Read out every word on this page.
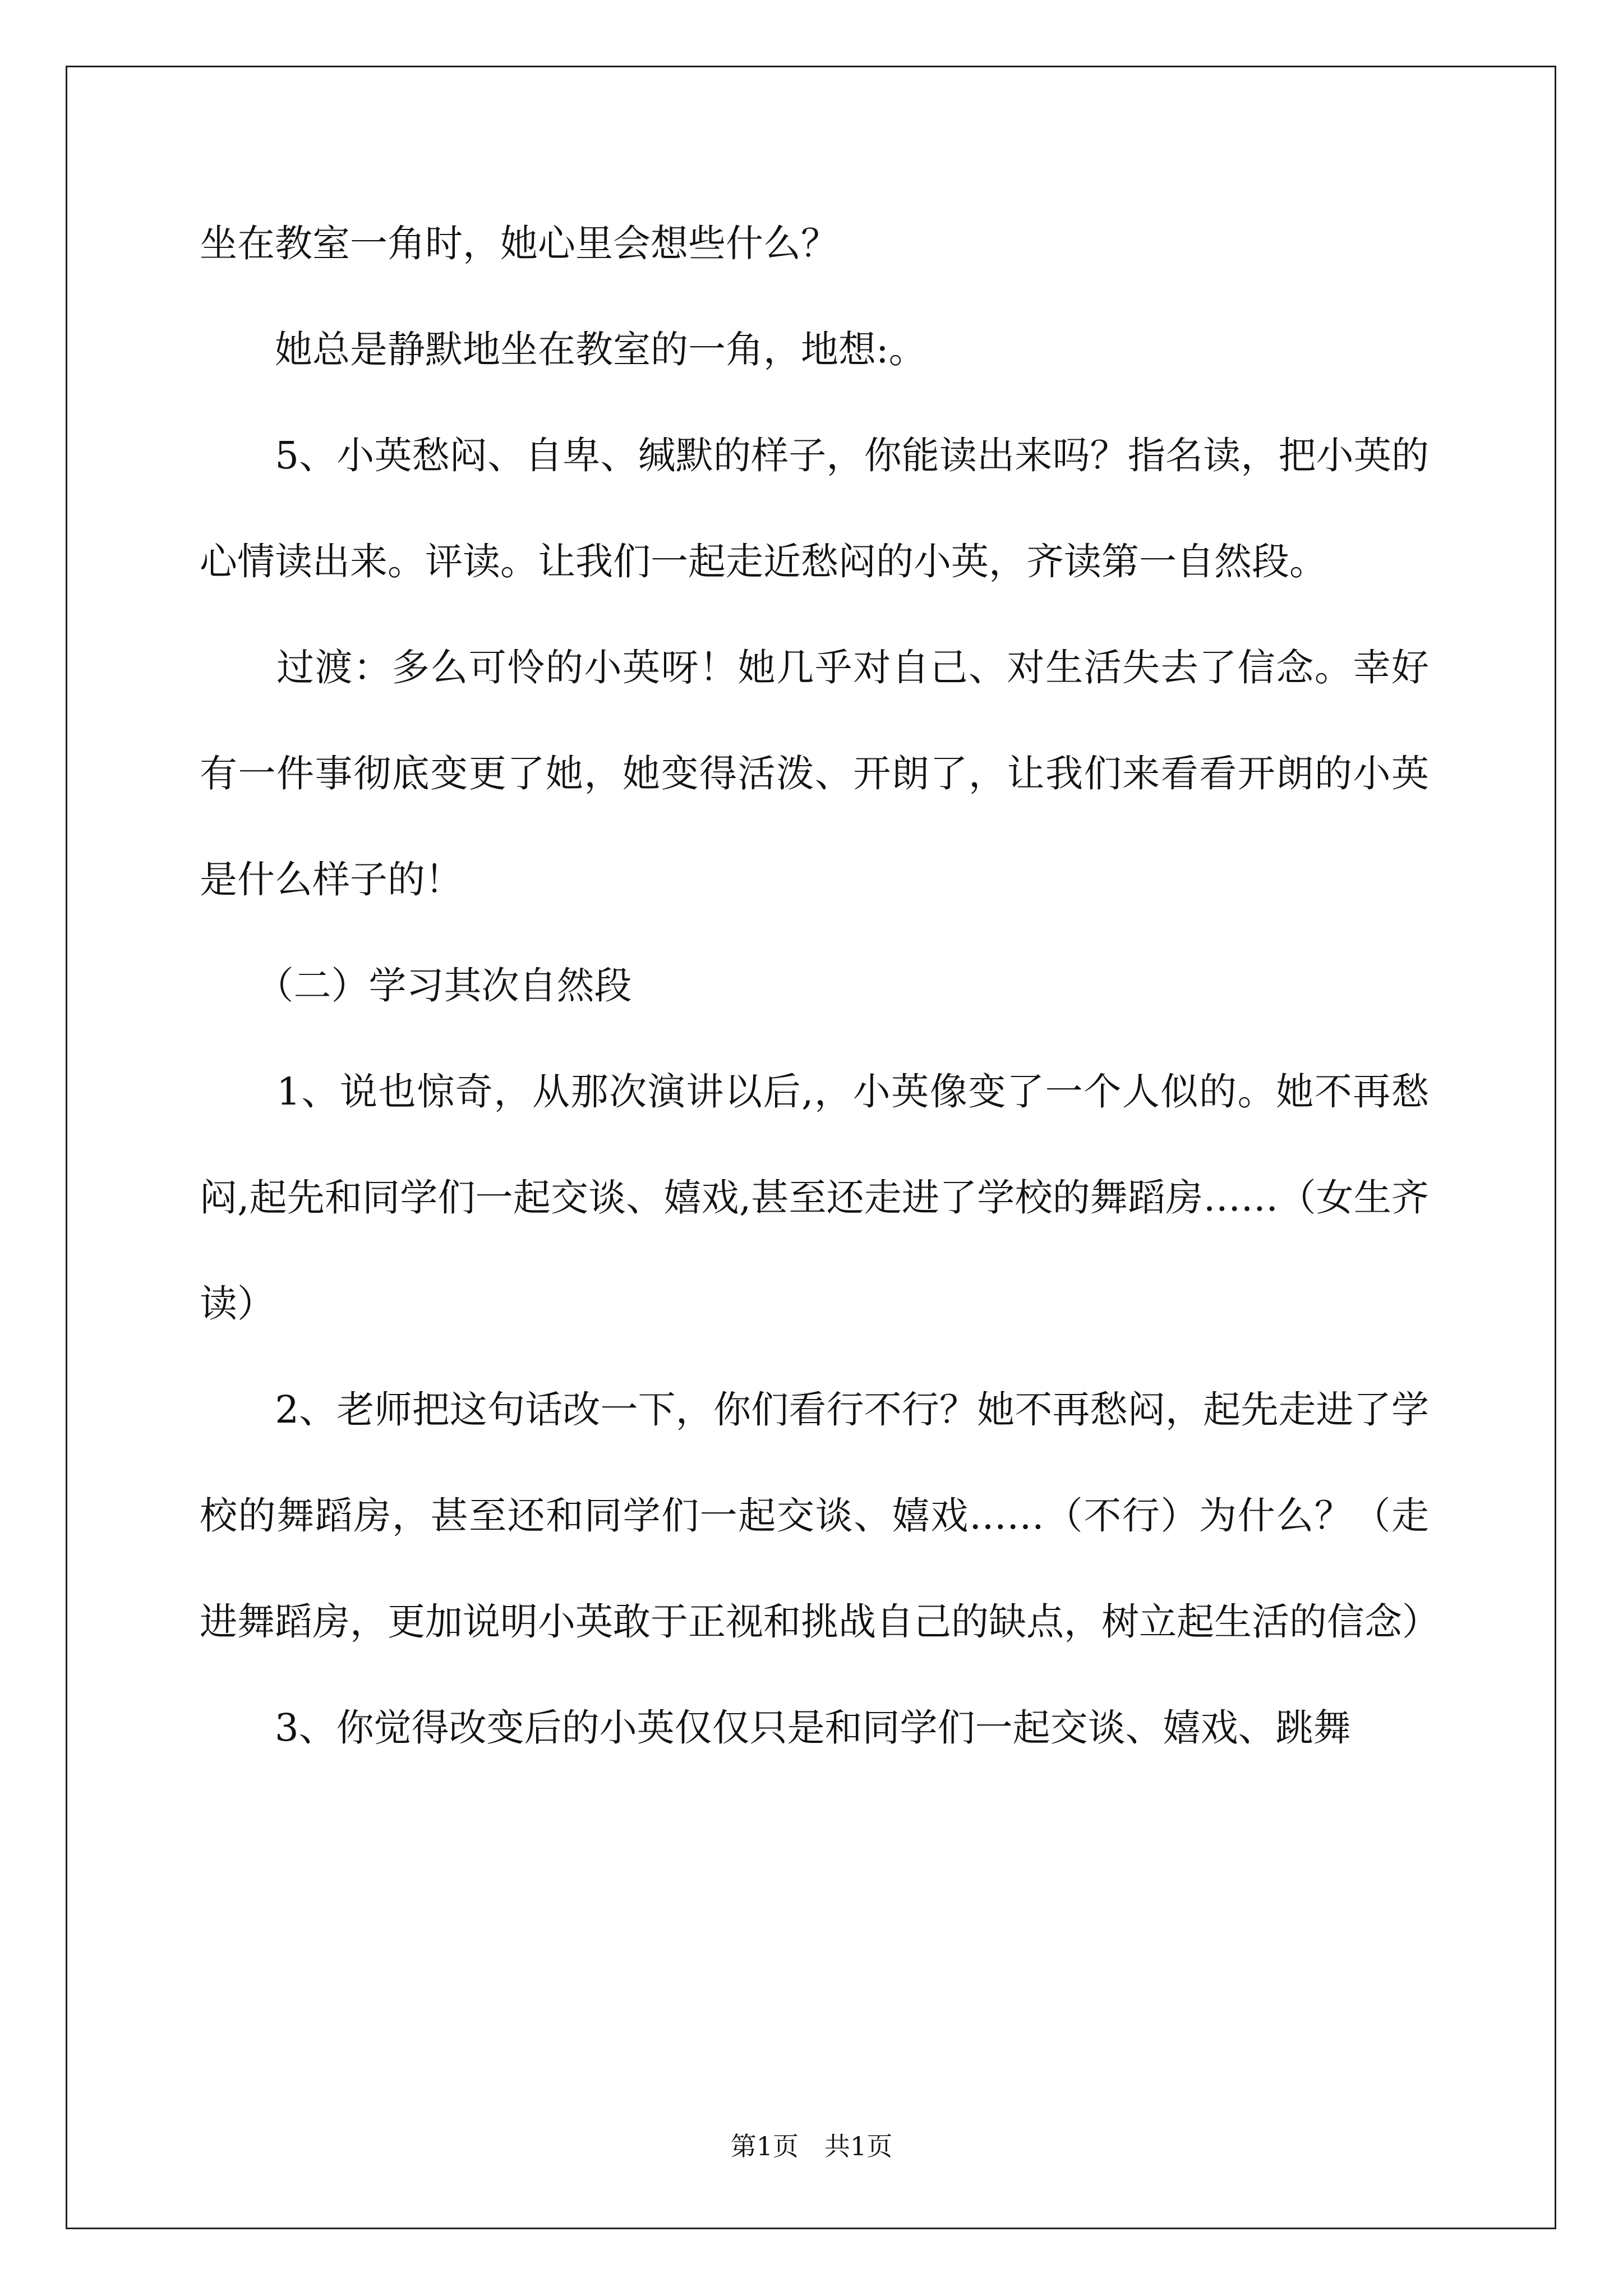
坐在教室一角时，她心里会想些什么？

　　她总是静默地坐在教室的一角，地想:。

　　5、小英愁闷、自卑、缄默的样子，你能读出来吗？指名读，把小英的心情读出来。评读。让我们一起走近愁闷的小英，齐读第一自然段。

　　过渡：多么可怜的小英呀！她几乎对自己、对生活失去了信念。幸好有一件事彻底变更了她，她变得活泼、开朗了，让我们来看看开朗的小英是什么样子的！

　　（二）学习其次自然段

　　1、说也惊奇，从那次演讲以后,，小英像变了一个人似的。她不再愁闷,起先和同学们一起交谈、嬉戏,甚至还走进了学校的舞蹈房……（女生齐读）

　　2、老师把这句话改一下，你们看行不行？她不再愁闷，起先走进了学校的舞蹈房，甚至还和同学们一起交谈、嬉戏……（不行）为什么？（走进舞蹈房，更加说明小英敢于正视和挑战自己的缺点，树立起生活的信念）

　　3、你觉得改变后的小英仅仅只是和同学们一起交谈、嬉戏、跳舞

第1页　共1页
